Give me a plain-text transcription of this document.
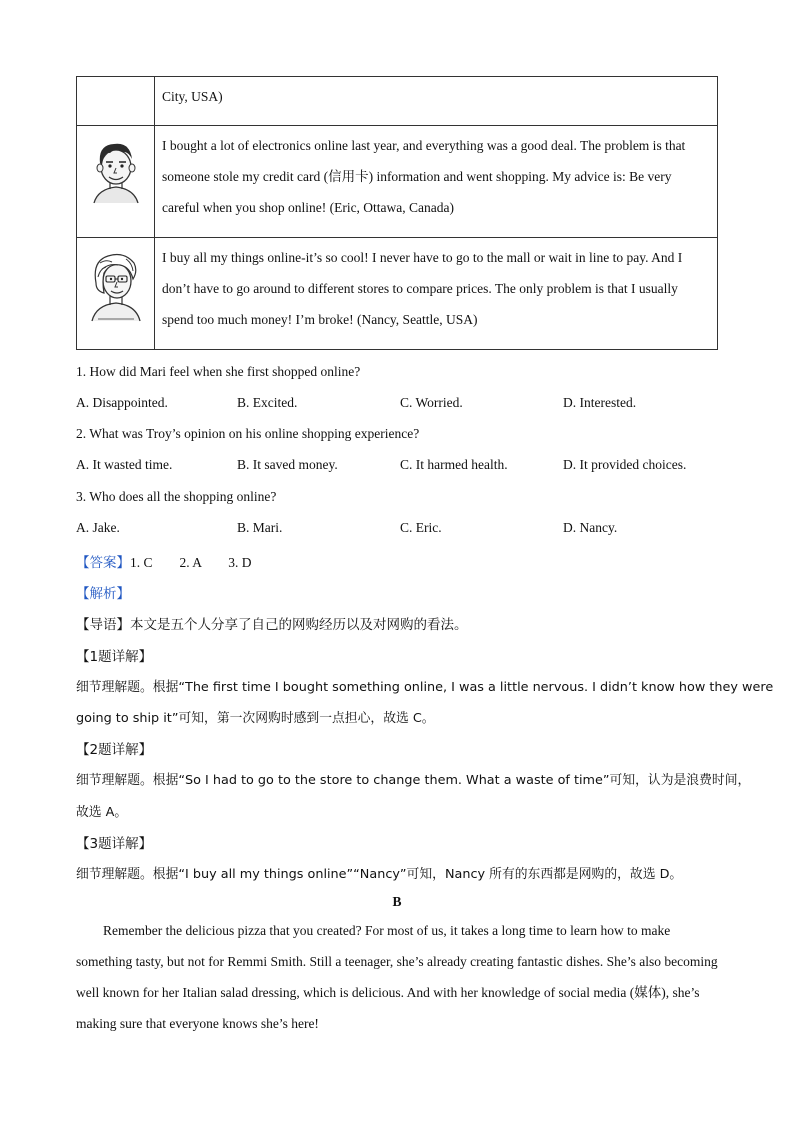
	City, USA)

	I bought a lot of electronics online last year, and everything was a good deal. The problem is that someone stole my credit card (信用卡) information and went shopping. My advice is: Be very careful when you shop online! (Eric, Ottawa, Canada)

	I buy all my things online-it’s so cool! I never have to go to the mall or wait in line to pay. And I don’t have to go around to different stores to compare prices. The only problem is that I usually spend too much money! I’m broke! (Nancy, Seattle, USA)
1. How did Mari feel when she first shopped online?
A. Disappointed.	B. Excited.	C. Worried.	D. Interested.
2. What was Troy’s opinion on his online shopping experience?
A. It wasted time.	B. It saved money.	C. It harmed health.	D. It provided choices.
3. Who does all the shopping online?
A. Jake.	B. Mari.	C. Eric.	D. Nancy.
【答案】1. C        2. A        3. D
【解析】
【导语】本文是五个人分享了自己的网购经历以及对网购的看法。
【1题详解】
细节理解题。根据“The first time I bought something online, I was a little nervous. I didn’t know how they were
going to ship it”可知，第一次网购时感到一点担心，故选 C。
【2题详解】
细节理解题。根据“So I had to go to the store to change them. What a waste of time”可知，认为是浪费时间，
故选 A。
【3题详解】
细节理解题。根据“I buy all my things online”“Nancy”可知，Nancy 所有的东西都是网购的，故选 D。
B
Remember the delicious pizza that you created? For most of us, it takes a long time to learn how to make something tasty, but not for Remmi Smith. Still a teenager, she’s already creating fantastic dishes. She’s also becoming well known for her Italian salad dressing, which is delicious. And with her knowledge of social media (媒体), she’s making sure that everyone knows she’s here!
